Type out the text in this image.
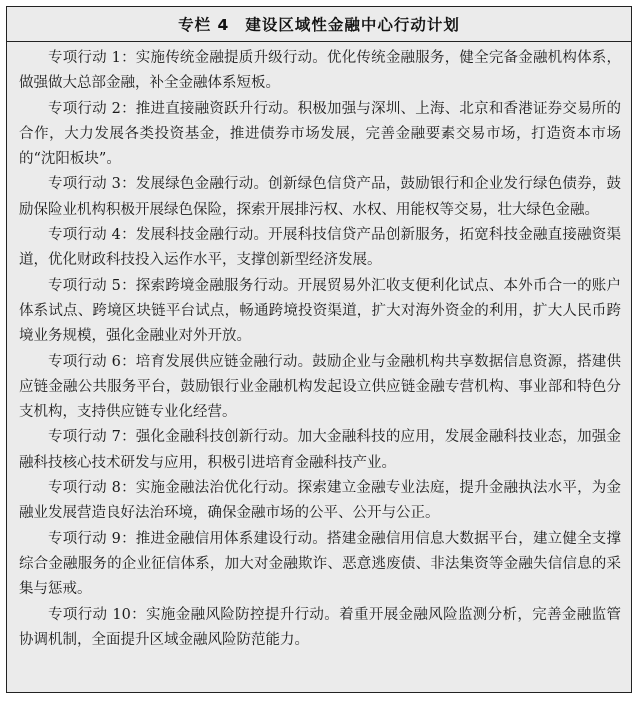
专栏 4 建设区域性金融中心行动计划

专项行动 1：实施传统金融提质升级行动。优化传统金融服务，健全完备金融机构体系，做强做大总部金融，补全金融体系短板。

专项行动 2：推进直接融资跃升行动。积极加强与深圳、上海、北京和香港证券交易所的合作，大力发展各类投资基金，推进债券市场发展，完善金融要素交易市场，打造资本市场的“沈阳板块”。

专项行动 3：发展绿色金融行动。创新绿色信贷产品，鼓励银行和企业发行绿色债券，鼓励保险业机构积极开展绿色保险，探索开展排污权、水权、用能权等交易，壮大绿色金融。

专项行动 4：发展科技金融行动。开展科技信贷产品创新服务，拓宽科技金融直接融资渠道，优化财政科技投入运作水平，支撑创新型经济发展。

专项行动 5：探索跨境金融服务行动。开展贸易外汇收支便利化试点、本外币合一的账户体系试点、跨境区块链平台试点，畅通跨境投资渠道，扩大对海外资金的利用，扩大人民币跨境业务规模，强化金融业对外开放。

专项行动 6：培育发展供应链金融行动。鼓励企业与金融机构共享数据信息资源，搭建供应链金融公共服务平台，鼓励银行业金融机构发起设立供应链金融专营机构、事业部和特色分支机构，支持供应链专业化经营。

专项行动 7：强化金融科技创新行动。加大金融科技的应用，发展金融科技业态，加强金融科技核心技术研发与应用，积极引进培育金融科技产业。

专项行动 8：实施金融法治优化行动。探索建立金融专业法庭，提升金融执法水平，为金融业发展营造良好法治环境，确保金融市场的公平、公开与公正。

专项行动 9：推进金融信用体系建设行动。搭建金融信用信息大数据平台，建立健全支撑综合金融服务的企业征信体系，加大对金融欺诈、恶意逃废债、非法集资等金融失信信息的采集与惩戒。

专项行动 10：实施金融风险防控提升行动。着重开展金融风险监测分析，完善金融监管协调机制，全面提升区域金融风险防范能力。
